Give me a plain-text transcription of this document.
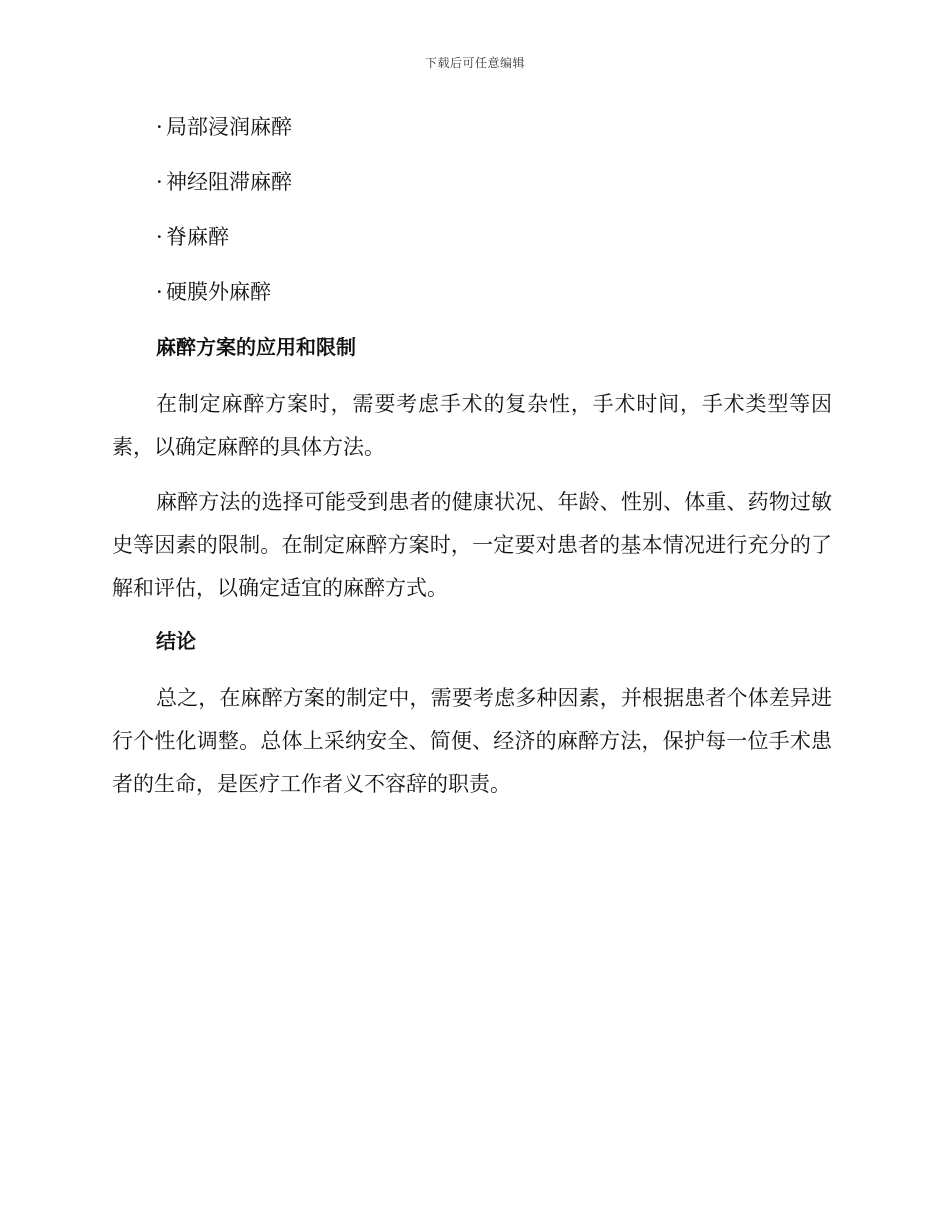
下载后可任意编辑
· 局部浸润麻醉
· 神经阻滞麻醉
· 脊麻醉
· 硬膜外麻醉
麻醉方案的应用和限制

在制定麻醉方案时，需要考虑手术的复杂性，手术时间，手术类型等因素，以确定麻醉的具体方法。

麻醉方法的选择可能受到患者的健康状况、年龄、性别、体重、药物过敏史等因素的限制。在制定麻醉方案时，一定要对患者的基本情况进行充分的了解和评估，以确定适宜的麻醉方式。

结论

总之，在麻醉方案的制定中，需要考虑多种因素，并根据患者个体差异进行个性化调整。总体上采纳安全、简便、经济的麻醉方法，保护每一位手术患者的生命，是医疗工作者义不容辞的职责。
